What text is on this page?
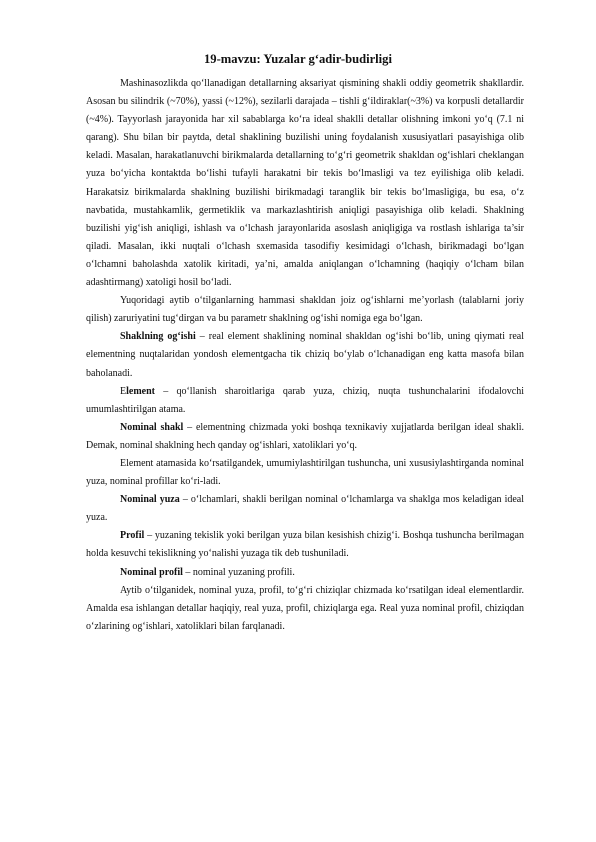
19-mavzu: Yuzalar g‘adir-budirligi

Mashinasozlikda qo‘llanadigan detallarning aksariyat qismining shakli oddiy geometrik shakllardir. Asosan bu silindrik (~70%), yassi (~12%), sezilarli darajada – tishli g‘ildiraklar(~3%) va korpusli detallardir (~4%). Tayyorlash jarayonida har xil sabablarga ko‘ra ideal shaklli detallar olishning imkoni yo‘q (7.1 ni qarang). Shu bilan bir paytda, detal shaklining buzilishi uning foydalanish xususiyatlari pasayishiga olib keladi. Masalan, harakatlanuvchi birikmalarda detallarning to‘g‘ri geometrik shakldan og‘ishlari cheklangan yuza bo‘yicha kontaktda bo‘lishi tufayli harakatni bir tekis bo‘lmasligi va tez eyilishiga olib keladi. Harakatsiz birikmalarda shaklning buzilishi birikmadagi taranglik bir tekis bo‘lmasligiga, bu esa, o‘z navbatida, mustahkamlik, germetiklik va markazlashtirish aniqligi pasayishiga olib keladi. Shaklning buzilishi yig‘ish aniqligi, ishlash va o‘lchash jarayonlarida asoslash aniqligiga va rostlash ishlariga ta’sir qiladi. Masalan, ikki nuqtali o‘lchash sxemasida tasodifiy kesimidagi o‘lchash, birikmadagi bo‘lgan o‘lchamni baholashda xatolik kiritadi, ya’ni, amalda aniqlangan o‘lchamning (haqiqiy o‘lcham bilan adashtirmang) xatoligi hosil bo‘ladi.

Yuqoridagi aytib o‘tilganlarning hammasi shakldan joiz og‘ishlarni me’yorlash (talablarni joriy qilish) zaruriyatini tug‘dirgan va bu parametr shaklning og‘ishi nomiga ega bo‘lgan.

Shaklning og‘ishi – real element shaklining nominal shakldan og‘ishi bo‘lib, uning qiymati real elementning nuqtalaridan yondosh elementgacha tik chiziq bo‘ylab o‘lchanadigan eng katta masofa bilan baholanadi.

Element – qo‘llanish sharoitlariga qarab yuza, chiziq, nuqta tushunchalarini ifodalovchi umumlashtirilgan atama.

Nominal shakl – elementning chizmada yoki boshqa texnikaviy xujjatlarda berilgan ideal shakli. Demak, nominal shaklning hech qanday og‘ishlari, xatoliklari yo‘q.

Element atamasida ko‘rsatilgandek, umumiylashtirilgan tushuncha, uni xususiylashtirganda nominal yuza, nominal profillar ko‘ri-ladi.

Nominal yuza – o‘lchamlari, shakli berilgan nominal o‘lchamlarga va shaklga mos keladigan ideal yuza.

Profil – yuzaning tekislik yoki berilgan yuza bilan kesishish chizig‘i. Boshqa tushuncha berilmagan holda kesuvchi tekislikning yo‘nalishi yuzaga tik deb tushuniladi.

Nominal profil – nominal yuzaning profili.

Aytib o‘tilganidek, nominal yuza, profil, to‘g‘ri chiziqlar chizmada ko‘rsatilgan ideal elementlardir. Amalda esa ishlangan detallar haqiqiy, real yuza, profil, chiziqlarga ega. Real yuza nominal profil, chiziqdan o‘zlarining og‘ishlari, xatoliklari bilan farqlanadi.
